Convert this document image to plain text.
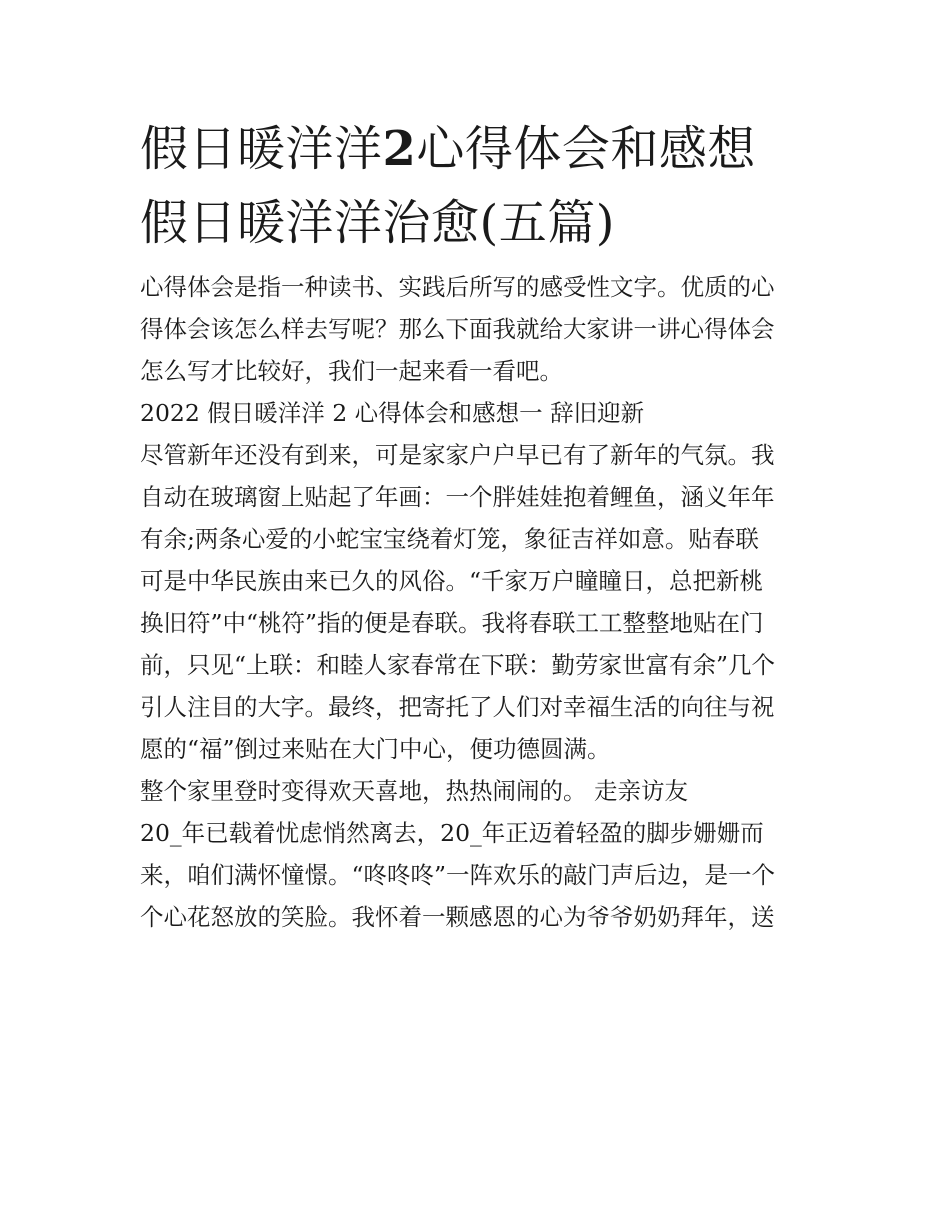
假日暖洋洋2心得体会和感想
假日暖洋洋治愈(五篇)

心得体会是指一种读书、实践后所写的感受性文字。优质的心
得体会该怎么样去写呢？那么下面我就给大家讲一讲心得体会
怎么写才比较好，我们一起来看一看吧。

2022 假日暖洋洋 2 心得体会和感想一 辞旧迎新

尽管新年还没有到来，可是家家户户早已有了新年的气氛。我
自动在玻璃窗上贴起了年画：一个胖娃娃抱着鲤鱼，涵义年年
有余;两条心爱的小蛇宝宝绕着灯笼，象征吉祥如意。贴春联
可是中华民族由来已久的风俗。“千家万户瞳瞳日，总把新桃
换旧符”中“桃符”指的便是春联。我将春联工工整整地贴在门
前，只见“上联：和睦人家春常在下联：勤劳家世富有余”几个
引人注目的大字。最终，把寄托了人们对幸福生活的向往与祝
愿的“福”倒过来贴在大门中心，便功德圆满。

整个家里登时变得欢天喜地，热热闹闹的。 走亲访友

20_年已载着忧虑悄然离去，20_年正迈着轻盈的脚步姗姗而
来，咱们满怀憧憬。“咚咚咚”一阵欢乐的敲门声后边，是一个
个心花怒放的笑脸。我怀着一颗感恩的心为爷爷奶奶拜年，送
